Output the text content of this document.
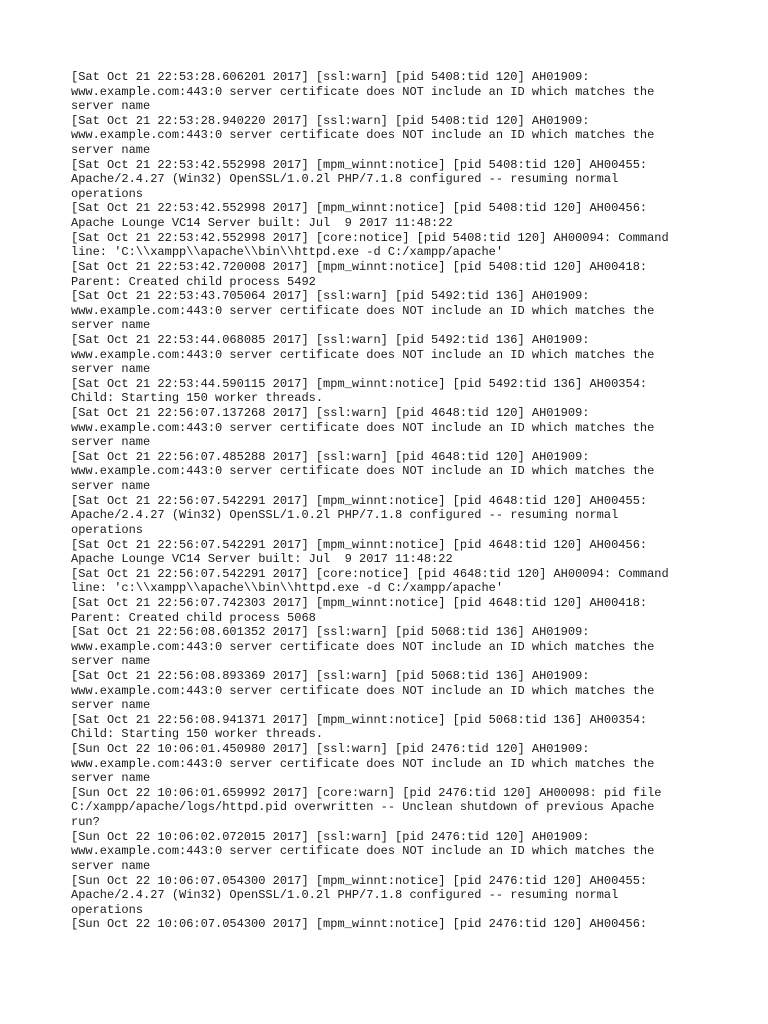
[Sat Oct 21 22:53:28.606201 2017] [ssl:warn] [pid 5408:tid 120] AH01909:
www.example.com:443:0 server certificate does NOT include an ID which matches the
server name
[Sat Oct 21 22:53:28.940220 2017] [ssl:warn] [pid 5408:tid 120] AH01909:
www.example.com:443:0 server certificate does NOT include an ID which matches the
server name
[Sat Oct 21 22:53:42.552998 2017] [mpm_winnt:notice] [pid 5408:tid 120] AH00455:
Apache/2.4.27 (Win32) OpenSSL/1.0.2l PHP/7.1.8 configured -- resuming normal
operations
[Sat Oct 21 22:53:42.552998 2017] [mpm_winnt:notice] [pid 5408:tid 120] AH00456:
Apache Lounge VC14 Server built: Jul  9 2017 11:48:22
[Sat Oct 21 22:53:42.552998 2017] [core:notice] [pid 5408:tid 120] AH00094: Command
line: 'C:\\xampp\\apache\\bin\\httpd.exe -d C:/xampp/apache'
[Sat Oct 21 22:53:42.720008 2017] [mpm_winnt:notice] [pid 5408:tid 120] AH00418:
Parent: Created child process 5492
[Sat Oct 21 22:53:43.705064 2017] [ssl:warn] [pid 5492:tid 136] AH01909:
www.example.com:443:0 server certificate does NOT include an ID which matches the
server name
[Sat Oct 21 22:53:44.068085 2017] [ssl:warn] [pid 5492:tid 136] AH01909:
www.example.com:443:0 server certificate does NOT include an ID which matches the
server name
[Sat Oct 21 22:53:44.590115 2017] [mpm_winnt:notice] [pid 5492:tid 136] AH00354:
Child: Starting 150 worker threads.
[Sat Oct 21 22:56:07.137268 2017] [ssl:warn] [pid 4648:tid 120] AH01909:
www.example.com:443:0 server certificate does NOT include an ID which matches the
server name
[Sat Oct 21 22:56:07.485288 2017] [ssl:warn] [pid 4648:tid 120] AH01909:
www.example.com:443:0 server certificate does NOT include an ID which matches the
server name
[Sat Oct 21 22:56:07.542291 2017] [mpm_winnt:notice] [pid 4648:tid 120] AH00455:
Apache/2.4.27 (Win32) OpenSSL/1.0.2l PHP/7.1.8 configured -- resuming normal
operations
[Sat Oct 21 22:56:07.542291 2017] [mpm_winnt:notice] [pid 4648:tid 120] AH00456:
Apache Lounge VC14 Server built: Jul  9 2017 11:48:22
[Sat Oct 21 22:56:07.542291 2017] [core:notice] [pid 4648:tid 120] AH00094: Command
line: 'c:\\xampp\\apache\\bin\\httpd.exe -d C:/xampp/apache'
[Sat Oct 21 22:56:07.742303 2017] [mpm_winnt:notice] [pid 4648:tid 120] AH00418:
Parent: Created child process 5068
[Sat Oct 21 22:56:08.601352 2017] [ssl:warn] [pid 5068:tid 136] AH01909:
www.example.com:443:0 server certificate does NOT include an ID which matches the
server name
[Sat Oct 21 22:56:08.893369 2017] [ssl:warn] [pid 5068:tid 136] AH01909:
www.example.com:443:0 server certificate does NOT include an ID which matches the
server name
[Sat Oct 21 22:56:08.941371 2017] [mpm_winnt:notice] [pid 5068:tid 136] AH00354:
Child: Starting 150 worker threads.
[Sun Oct 22 10:06:01.450980 2017] [ssl:warn] [pid 2476:tid 120] AH01909:
www.example.com:443:0 server certificate does NOT include an ID which matches the
server name
[Sun Oct 22 10:06:01.659992 2017] [core:warn] [pid 2476:tid 120] AH00098: pid file
C:/xampp/apache/logs/httpd.pid overwritten -- Unclean shutdown of previous Apache
run?
[Sun Oct 22 10:06:02.072015 2017] [ssl:warn] [pid 2476:tid 120] AH01909:
www.example.com:443:0 server certificate does NOT include an ID which matches the
server name
[Sun Oct 22 10:06:07.054300 2017] [mpm_winnt:notice] [pid 2476:tid 120] AH00455:
Apache/2.4.27 (Win32) OpenSSL/1.0.2l PHP/7.1.8 configured -- resuming normal
operations
[Sun Oct 22 10:06:07.054300 2017] [mpm_winnt:notice] [pid 2476:tid 120] AH00456:
